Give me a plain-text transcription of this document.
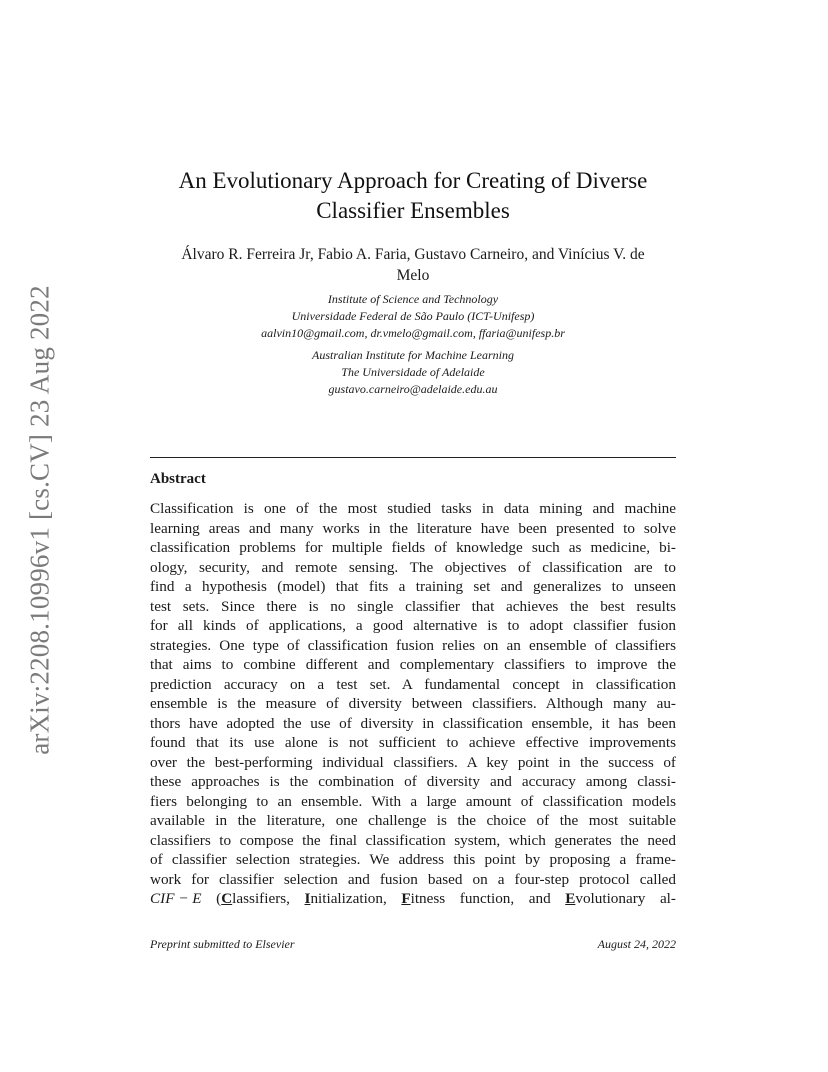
arXiv:2208.10996v1 [cs.CV] 23 Aug 2022
An Evolutionary Approach for Creating of Diverse
Classifier Ensembles
Álvaro R. Ferreira Jr, Fabio A. Faria, Gustavo Carneiro, and Vinícius V. de
Melo
Institute of Science and Technology
Universidade Federal de São Paulo (ICT-Unifesp)
aalvin10@gmail.com, dr.vmelo@gmail.com, ffaria@unifesp.br
Australian Institute for Machine Learning
The Universidade of Adelaide
gustavo.carneiro@adelaide.edu.au
Abstract
Classification is one of the most studied tasks in data mining and machine
learning areas and many works in the literature have been presented to solve
classification problems for multiple fields of knowledge such as medicine, bi-
ology, security, and remote sensing. The objectives of classification are to
find a hypothesis (model) that fits a training set and generalizes to unseen
test sets. Since there is no single classifier that achieves the best results
for all kinds of applications, a good alternative is to adopt classifier fusion
strategies. One type of classification fusion relies on an ensemble of classifiers
that aims to combine different and complementary classifiers to improve the
prediction accuracy on a test set. A fundamental concept in classification
ensemble is the measure of diversity between classifiers. Although many au-
thors have adopted the use of diversity in classification ensemble, it has been
found that its use alone is not sufficient to achieve effective improvements
over the best-performing individual classifiers. A key point in the success of
these approaches is the combination of diversity and accuracy among classi-
fiers belonging to an ensemble. With a large amount of classification models
available in the literature, one challenge is the choice of the most suitable
classifiers to compose the final classification system, which generates the need
of classifier selection strategies. We address this point by proposing a frame-
work for classifier selection and fusion based on a four-step protocol called
CIF − E (Classifiers, Initialization, Fitness function, and Evolutionary al-
Preprint submitted to Elsevier	August 24, 2022
